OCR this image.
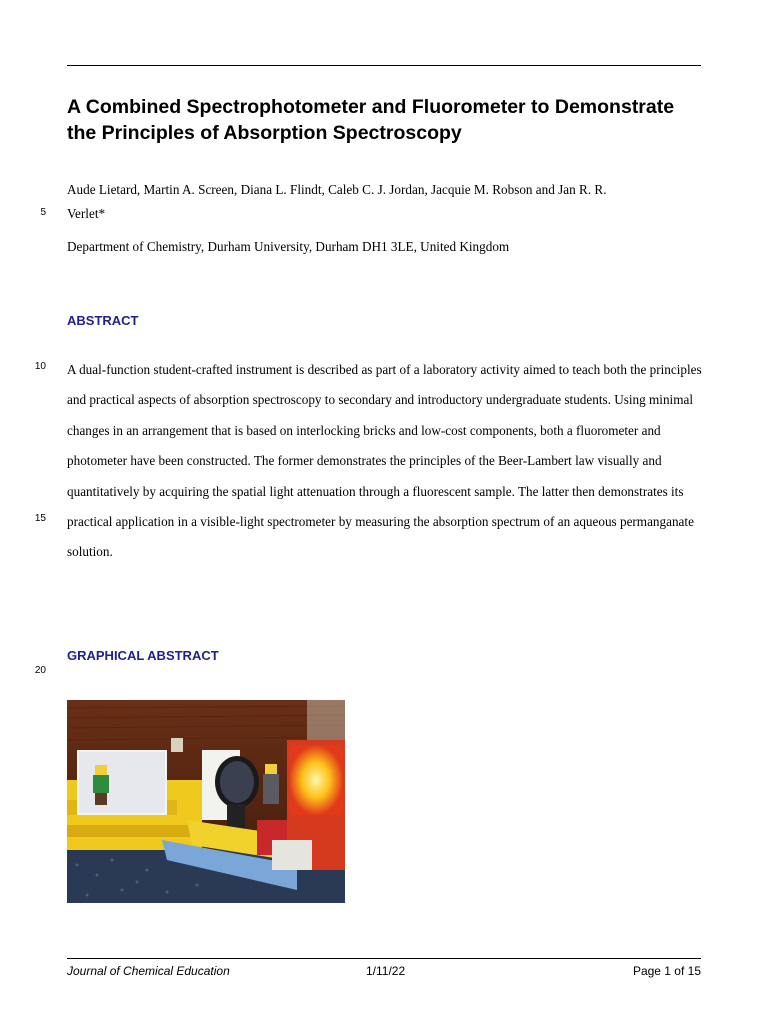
A Combined Spectrophotometer and Fluorometer to Demonstrate the Principles of Absorption Spectroscopy
Aude Lietard, Martin A. Screen, Diana L. Flindt, Caleb C. J. Jordan, Jacquie M. Robson and Jan R. R.
Verlet*
5
Department of Chemistry, Durham University, Durham DH1 3LE, United Kingdom
ABSTRACT
10 A dual-function student-crafted instrument is described as part of a laboratory activity aimed to teach both the principles and practical aspects of absorption spectroscopy to secondary and introductory undergraduate students. Using minimal changes in an arrangement that is based on interlocking bricks and low-cost components, both a fluorometer and photometer have been constructed. The former demonstrates the principles of the Beer-Lambert law visually and quantitatively by acquiring the spatial light attenuation through a fluorescent sample. The latter then demonstrates its practical application in a visible-light spectrometer by measuring the absorption spectrum of an aqueous permanganate solution.
15
GRAPHICAL ABSTRACT
20
Journal of Chemical Education	1/11/22	Page 1 of 15
